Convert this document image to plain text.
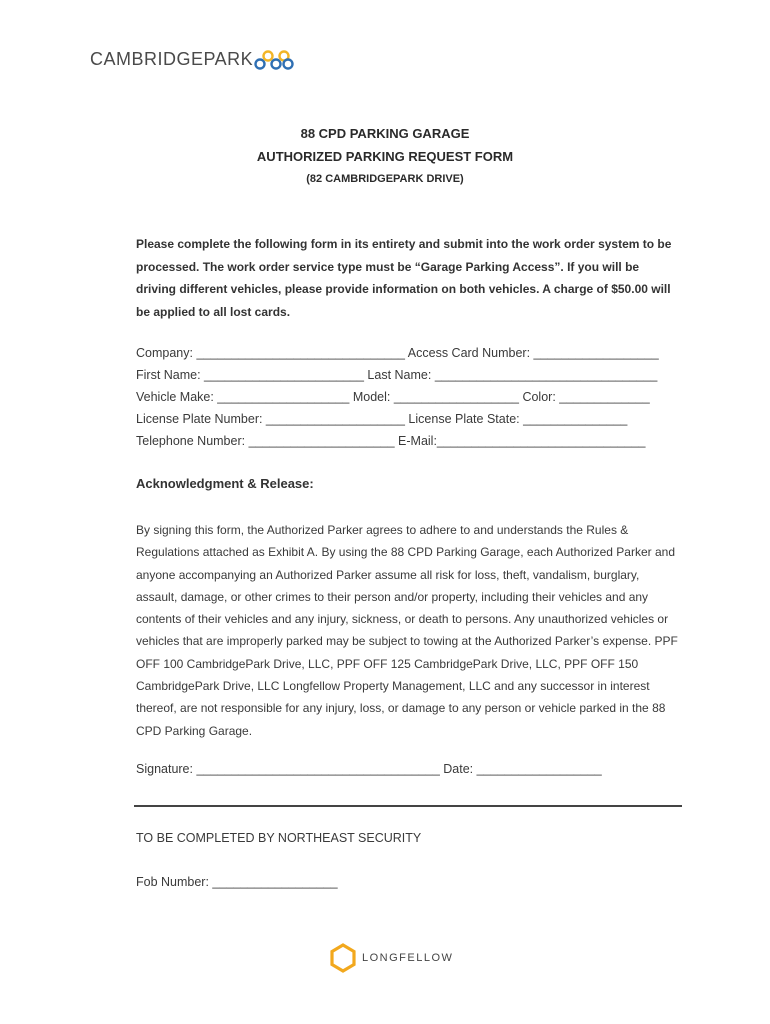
CAMBRIDGEPARK
88 CPD PARKING GARAGE
AUTHORIZED PARKING REQUEST FORM
(82 CAMBRIDGEPARK DRIVE)
Please complete the following form in its entirety and submit into the work order system to be processed. The work order service type must be “Garage Parking Access”. If you will be driving different vehicles, please provide information on both vehicles. A charge of $50.00 will be applied to all lost cards.
Company: ______________________________ Access Card Number: __________________
First Name: _______________________ Last Name: ________________________________
Vehicle Make: ___________________ Model: __________________ Color: _____________
License Plate Number: ____________________ License Plate State: _______________
Telephone Number: _____________________ E-Mail:______________________________
Acknowledgment & Release:
By signing this form, the Authorized Parker agrees to adhere to and understands the Rules & Regulations attached as Exhibit A. By using the 88 CPD Parking Garage, each Authorized Parker and anyone accompanying an Authorized Parker assume all risk for loss, theft, vandalism, burglary, assault, damage, or other crimes to their person and/or property, including their vehicles and any contents of their vehicles and any injury, sickness, or death to persons. Any unauthorized vehicles or vehicles that are improperly parked may be subject to towing at the Authorized Parker’s expense. PPF OFF 100 CambridgePark Drive, LLC, PPF OFF 125 CambridgePark Drive, LLC, PPF OFF 150 CambridgePark Drive, LLC Longfellow Property Management, LLC and any successor in interest thereof, are not responsible for any injury, loss, or damage to any person or vehicle parked in the 88 CPD Parking Garage.
Signature: ___________________________________ Date: __________________
TO BE COMPLETED BY NORTHEAST SECURITY
Fob Number: __________________
LONGFELLOW
